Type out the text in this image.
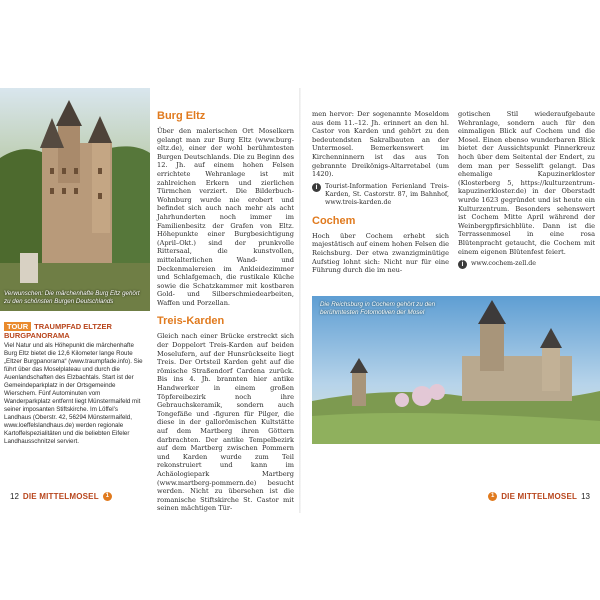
Verwunschen: Die märchenhafte Burg Eltz gehört zu den schönsten Burgen Deutschlands
TOUR TRAUMPFAD ELTZER BURGPANORAMA
Viel Natur und als Höhepunkt die märchenhafte Burg Eltz bietet die 12,6 Kilometer lange Route „Eltzer Burgpanorama“ (www.traumpfade.info). Sie führt über das Moselplateau und durch die Auenlandschaften des Elzbachtals. Start ist der Gemeindeparkplatz in der Ortsgemeinde Wierschem. Fünf Autominuten vom Wanderparkplatz entfernt liegt Münstermaifeld mit seiner imposanten Stiftskirche. Im Löffel’s Landhaus (Oberstr. 42, 56294 Münstermaifeld, www.loeffelslandhaus.de) werden regionale Kartoffelspezialitäten und die beliebten Eifeler Landhausschnitzel serviert.
Burg Eltz

Über den malerischen Ort Moselkern gelangt man zur Burg Eltz (www.burg-eltz.de), einer der wohl berühmtesten Burgen Deutschlands. Die zu Beginn des 12. Jh. auf einem hohen Felsen errichtete Wehranlage ist mit zahlreichen Erkern und zierlichen Türmchen verziert. Die Bilderbuch-Wohnburg wurde nie erobert und befindet sich auch nach mehr als acht Jahrhunderten noch immer im Familienbesitz der Grafen von Eltz. Höhepunkte einer Burgbesichtigung (April–Okt.) sind der prunkvolle Rittersaal, die kunstvollen, mittelalterlichen Wand- und Deckenmalereien im Ankleidezimmer und Schlafgemach, die rustikale Küche sowie die Schatzkammer mit kostbaren Gold- und Silberschmiedearbeiten, Waffen und Porzellan.

Treis-Karden

Gleich nach einer Brücke erstreckt sich der Doppelort Treis-Karden auf beiden Moselufern, auf der Hunsrückseite liegt Treis. Der Ortsteil Karden geht auf die römische Straßendorf Cardena zurück. Bis ins 4. Jh. brannten hier antike Handwerker in einem großen Töpfereibezirk noch ihre Gebrauchskeramik, sondern auch Tongefäße und -figuren für Pilger, die diese in der gallorömischen Kultstätte auf dem Martberg ihren Göttern darbrachten. Der antike Tempelbezirk auf dem Martberg zwischen Pommern und Karden wurde zum Teil rekonstruiert und kann im Achäologiepark Martberg (www.martberg-pommern.de) besucht werden. Nicht zu übersehen ist die romanische Stiftskirche St. Castor mit seinen mächtigen Tür-

men hervor: Der sogenannte Moseldom aus dem 11.–12. Jh. erinnert an den hl. Castor von Karden und gehört zu den bedeutendsten Sakralbauten an der Untermosel. Bemerkenswert im Kirchenninnern ist das aus Ton gebrannte Dreikönigs-Altarretabel (um 1420).

i	Tourist-Information Ferienland Treis-Karden, St. Castorstr. 87, im Bahnhof, www.treis-karden.de
Cochem

Hoch über Cochem erhebt sich majestätisch auf einem hohen Felsen die Reichsburg. Der etwa zwanzigminütige Aufstieg lohnt sich: Nicht nur für eine Führung durch die im neu-

gotischen Stil wiederaufgebaute Wehranlage, sondern auch für den einmaligen Blick auf Cochem und die Mosel. Einen ebenso wunderbaren Blick bietet der Aussichtspunkt Pinnerkreuz hoch über dem Seitental der Endert, zu dem man per Sesselift gelangt. Das ehemalige Kapuzinerkloster (Klosterberg 5, https://kulturzentrum-kapuzinerkloster.de) in der Oberstadt wurde 1623 gegründet und ist heute ein Kulturzentrum. Besonders sehenswert ist Cochem Mitte April während der Weinbergpfirsichblüte. Dann ist die Terrassenmosel in eine rosa Blütenpracht getaucht, die Cochem mit einem eigenen Blütenfest feiert.

i	www.cochem-zell.de
Die Reichsburg in Cochem gehört zu den berühmtesten Fotomotiven der Mosel
12 DIE MITTELMOSEL	1	1 DIE MITTELMOSEL 13
